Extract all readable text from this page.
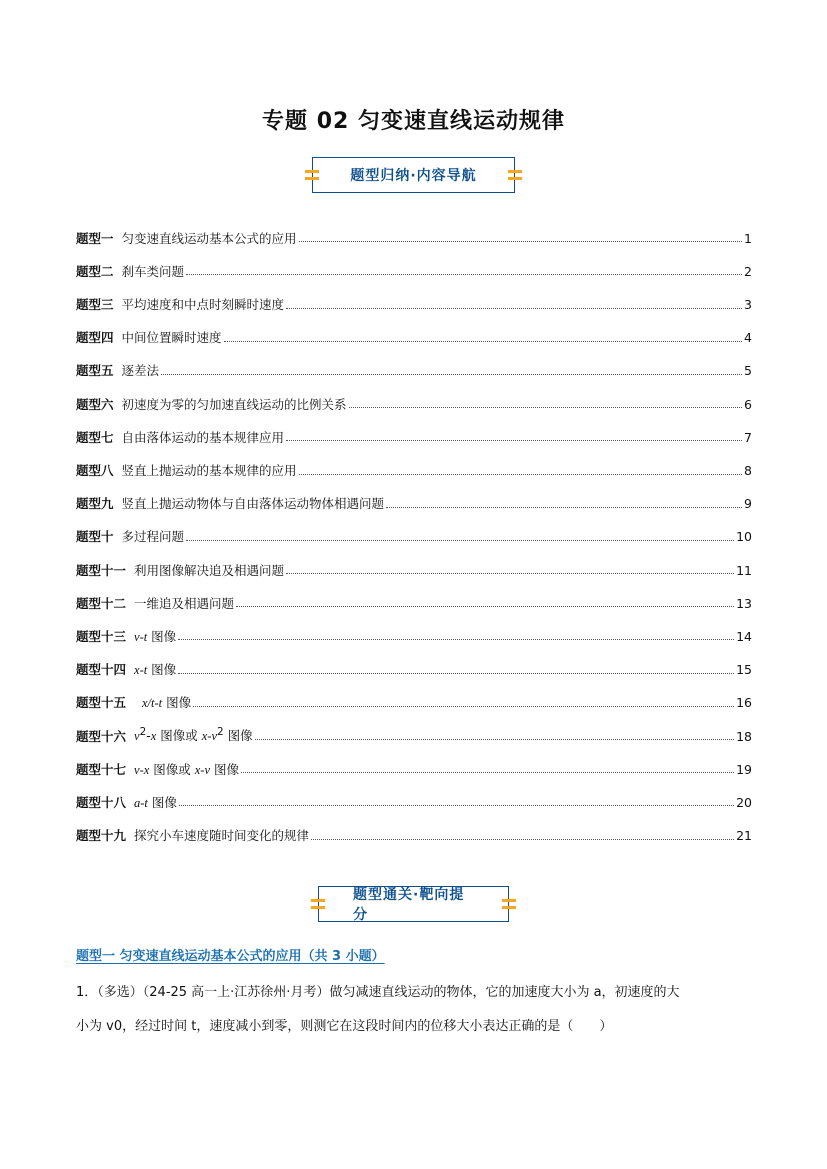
专题 02 匀变速直线运动规律
题型归纳·内容导航
题型一 匀变速直线运动基本公式的应用	1
题型二 刹车类问题	2
题型三 平均速度和中点时刻瞬时速度	3
题型四 中间位置瞬时速度	4
题型五 逐差法	5
题型六 初速度为零的匀加速直线运动的比例关系	6
题型七 自由落体运动的基本规律应用	7
题型八 竖直上抛运动的基本规律的应用	8
题型九 竖直上抛运动物体与自由落体运动物体相遇问题	9
题型十 多过程问题	10
题型十一 利用图像解决追及相遇问题	11
题型十二 一维追及相遇问题	13
题型十三 v-t 图像	14
题型十四 x-t 图像	15
题型十五	x/t-t 图像	16
题型十六 $v^2-x$ 图像或 $x-v^2$ 图像	18
题型十七 v-x 图像或 x-v 图像	19
题型十八 a-t 图像	20
题型十九 探究小车速度随时间变化的规律	21
题型通关·靶向提分
题型一 匀变速直线运动基本公式的应用（共 3 小题）
1．（多选）（24-25 高一上·江苏徐州·月考）做匀减速直线运动的物体，它的加速度大小为 a，初速度的大
小为 v0，经过时间 t，速度减小到零，则测它在这段时间内的位移大小表达正确的是（　　）
